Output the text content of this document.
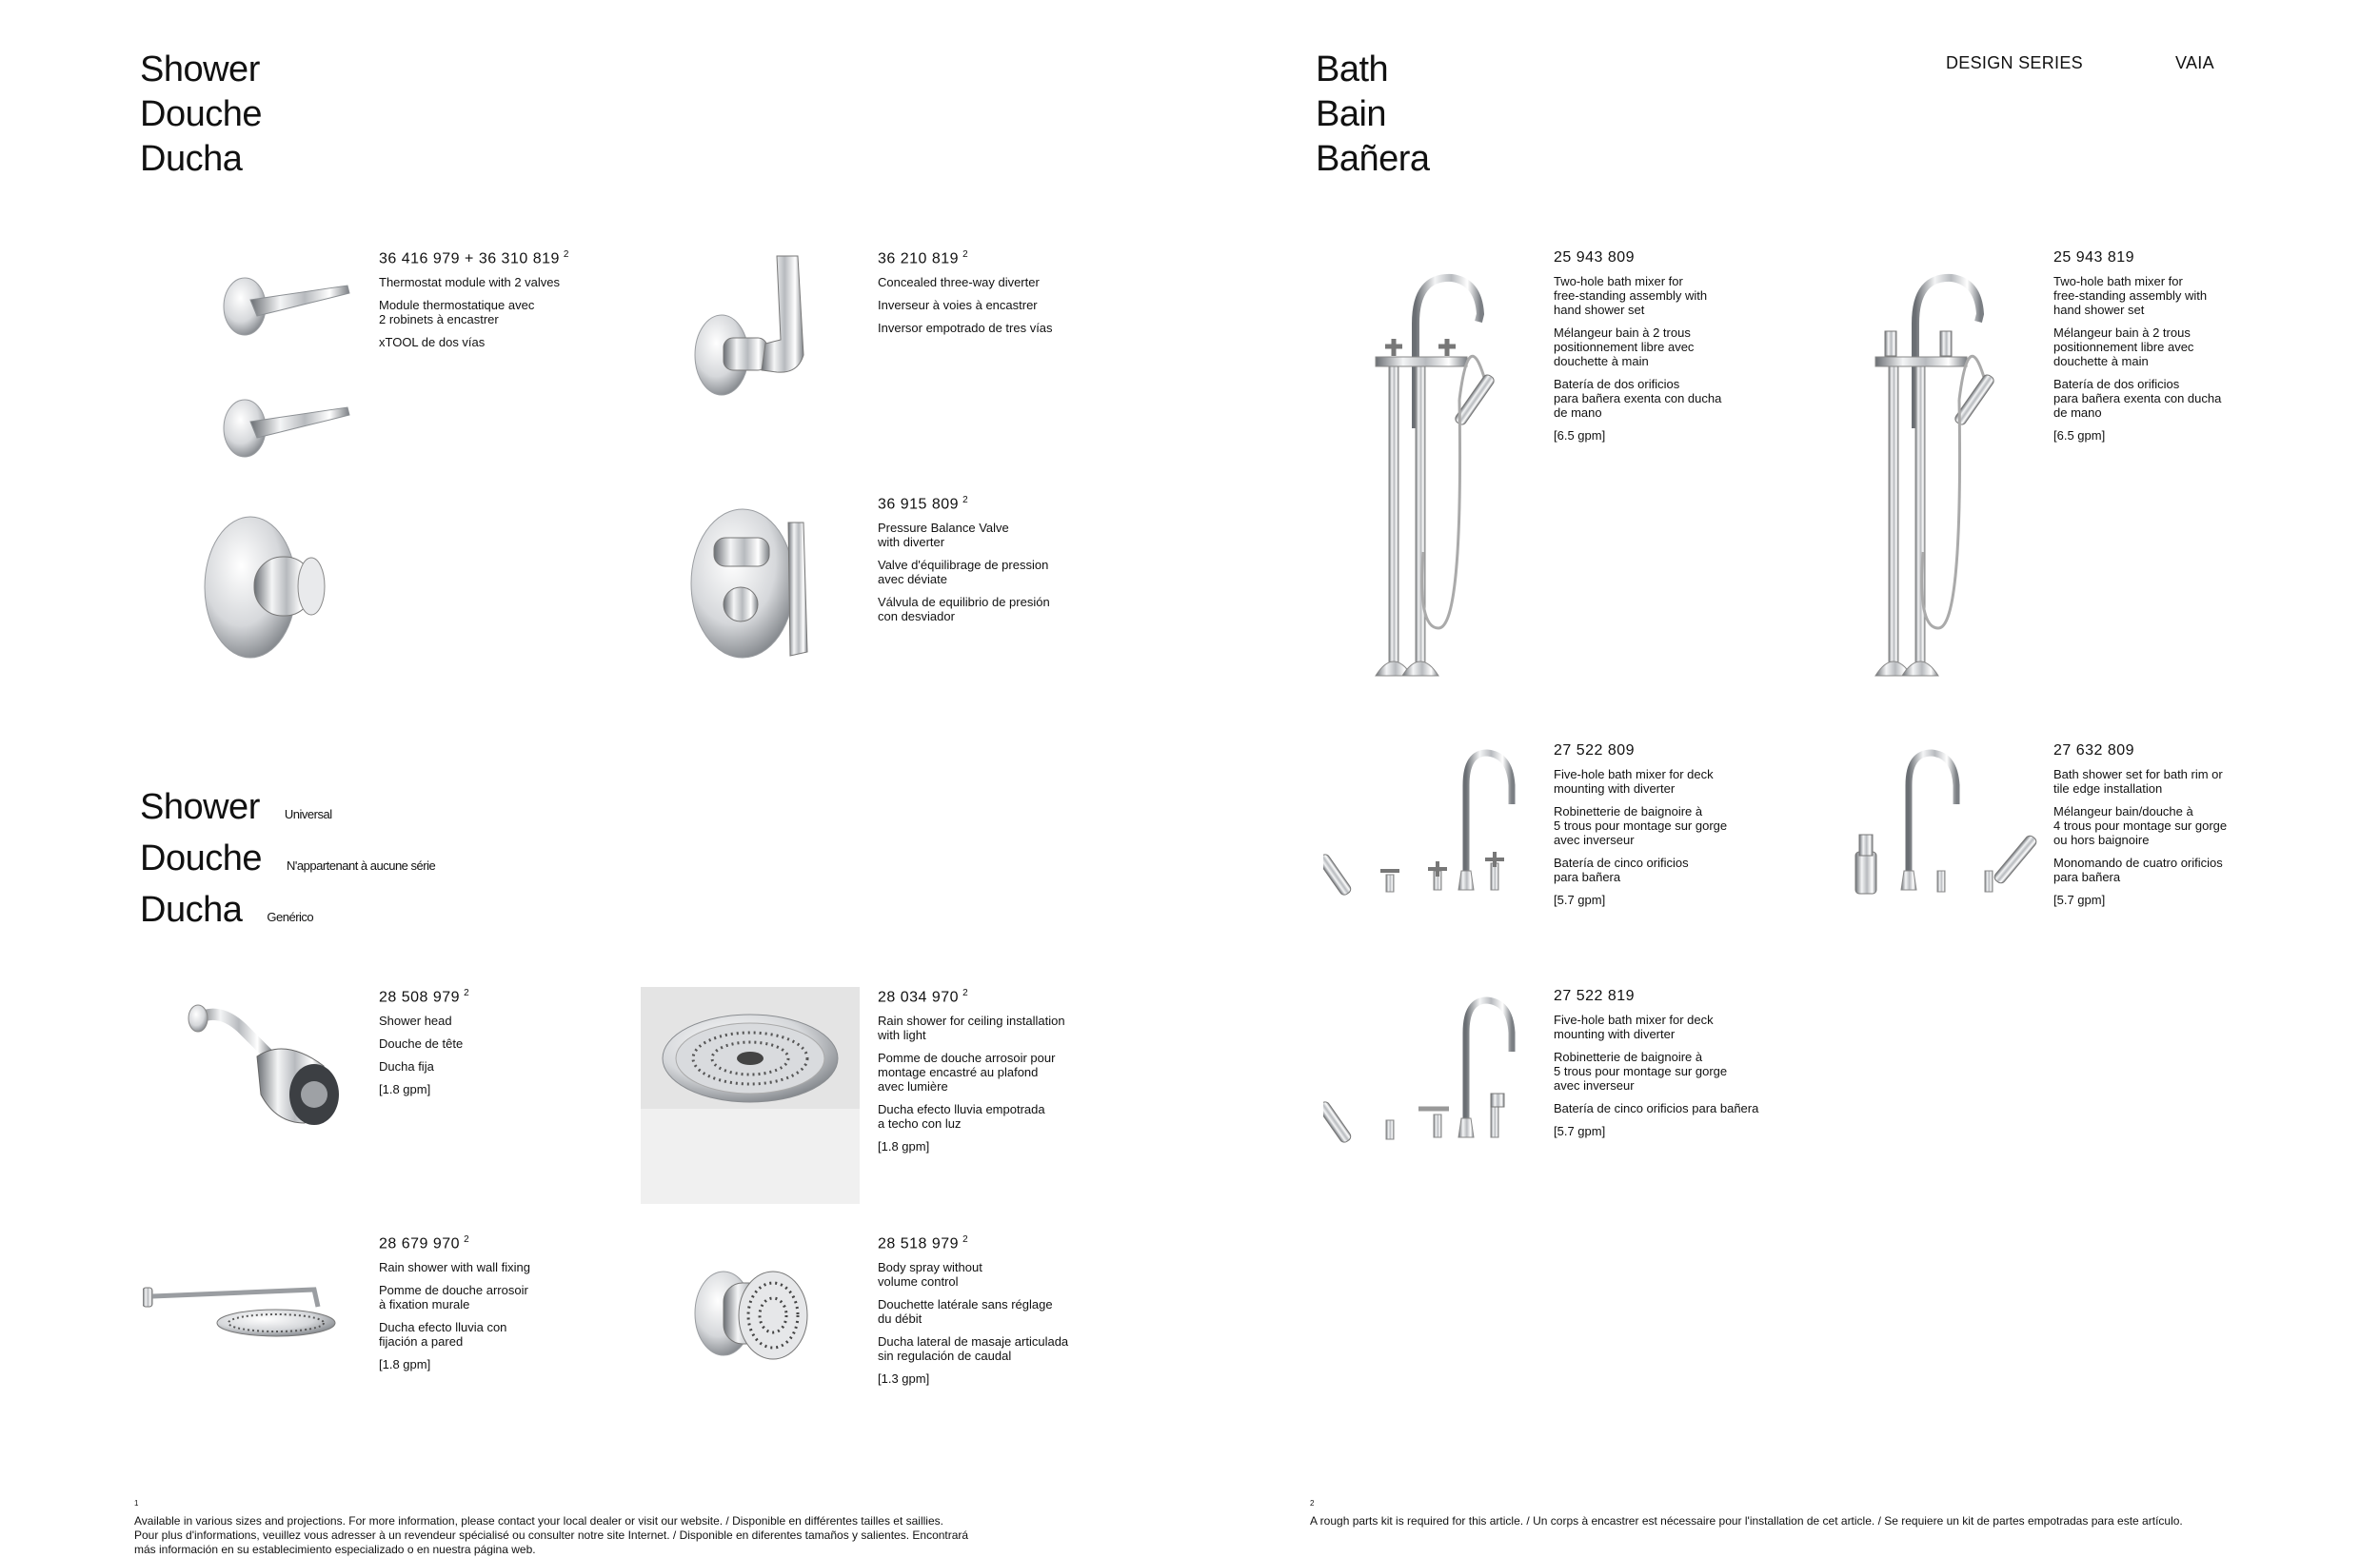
Shower
Douche
Ducha
Bath
Bain
Bañera
DESIGN SERIES	VAIA
Shower Universal
Douche N'appartenant à aucune série
Ducha Genérico
36 416 979 + 36 310 819 $^2$
Thermostat module with 2 valves
Module thermostatique avec
2 robinets à encastrer
xTOOL de dos vías
36 210 819 $^2$
Concealed three-way diverter
Inverseur à voies à encastrer
Inversor empotrado de tres vías
36 915 809 $^2$
Pressure Balance Valve
with diverter
Valve d'équilibrage de pression
avec déviate
Válvula de equilibrio de presión
con desviador
28 508 979 $^2$
Shower head
Douche de tête
Ducha fija
[1.8 gpm]
28 034 970 $^2$
Rain shower for ceiling installation
with light
Pomme de douche arrosoir pour
montage encastré au plafond
avec lumière
Ducha efecto lluvia empotrada
a techo con luz
[1.8 gpm]
28 679 970 $^2$
Rain shower with wall fixing
Pomme de douche arrosoir
à fixation murale
Ducha efecto lluvia con
fijación a pared
[1.8 gpm]
28 518 979 $^2$
Body spray without
volume control
Douchette latérale sans réglage
du débit
Ducha lateral de masaje articulada
sin regulación de caudal
[1.3 gpm]
25 943 809
Two-hole bath mixer for
free-standing assembly with
hand shower set
Mélangeur bain à 2 trous
positionnement libre avec
douchette à main
Batería de dos orificios
para bañera exenta con ducha
de mano
[6.5 gpm]
25 943 819
Two-hole bath mixer for
free-standing assembly with
hand shower set
Mélangeur bain à 2 trous
positionnement libre avec
douchette à main
Batería de dos orificios
para bañera exenta con ducha
de mano
[6.5 gpm]
27 522 809
Five-hole bath mixer for deck
mounting with diverter
Robinetterie de baignoire à
5 trous pour montage sur gorge
avec inverseur
Batería de cinco orificios
para bañera
[5.7 gpm]
27 632 809
Bath shower set for bath rim or
tile edge installation
Mélangeur bain/douche à
4 trous pour montage sur gorge
ou hors baignoire
Monomando de cuatro orificios
para bañera
[5.7 gpm]
27 522 819
Five-hole bath mixer for deck
mounting with diverter
Robinetterie de baignoire à
5 trous pour montage sur gorge
avec inverseur
Batería de cinco orificios para bañera
[5.7 gpm]

$^1$
Available in various sizes and projections. For more information, please contact your local dealer or visit our website. / Disponible en différentes tailles et saillies.
Pour plus d'informations, veuillez vous adresser à un revendeur spécialisé ou consulter notre site Internet. / Disponible en diferentes tamaños y salientes. Encontrará
más información en su establecimiento especializado o en nuestra página web.

$^2$
A rough parts kit is required for this article. / Un corps à encastrer est nécessaire pour l'installation de cet article. / Se requiere un kit de partes empotradas para este artículo.
